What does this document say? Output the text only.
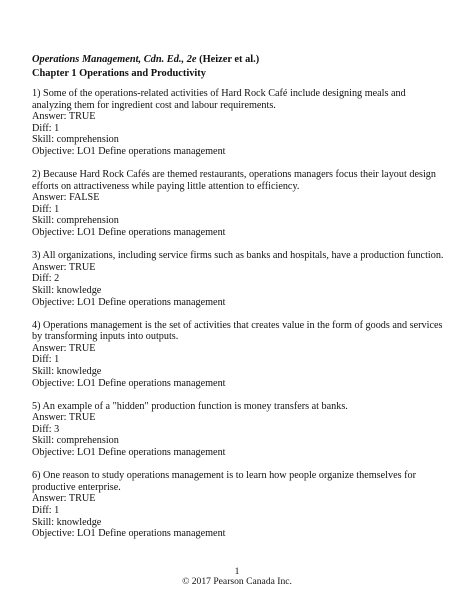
Operations Management, Cdn. Ed., 2e (Heizer et al.)
Chapter 1 Operations and Productivity
1) Some of the operations-related activities of Hard Rock Café include designing meals and analyzing them for ingredient cost and labour requirements.
Answer: TRUE
Diff: 1
Skill: comprehension
Objective: LO1 Define operations management
2) Because Hard Rock Cafés are themed restaurants, operations managers focus their layout design efforts on attractiveness while paying little attention to efficiency.
Answer: FALSE
Diff: 1
Skill: comprehension
Objective: LO1 Define operations management
3) All organizations, including service firms such as banks and hospitals, have a production function.
Answer: TRUE
Diff: 2
Skill: knowledge
Objective: LO1 Define operations management
4) Operations management is the set of activities that creates value in the form of goods and services by transforming inputs into outputs.
Answer: TRUE
Diff: 1
Skill: knowledge
Objective: LO1 Define operations management
5) An example of a "hidden" production function is money transfers at banks.
Answer: TRUE
Diff: 3
Skill: comprehension
Objective: LO1 Define operations management
6) One reason to study operations management is to learn how people organize themselves for productive enterprise.
Answer: TRUE
Diff: 1
Skill: knowledge
Objective: LO1 Define operations management
1
© 2017 Pearson Canada Inc.
